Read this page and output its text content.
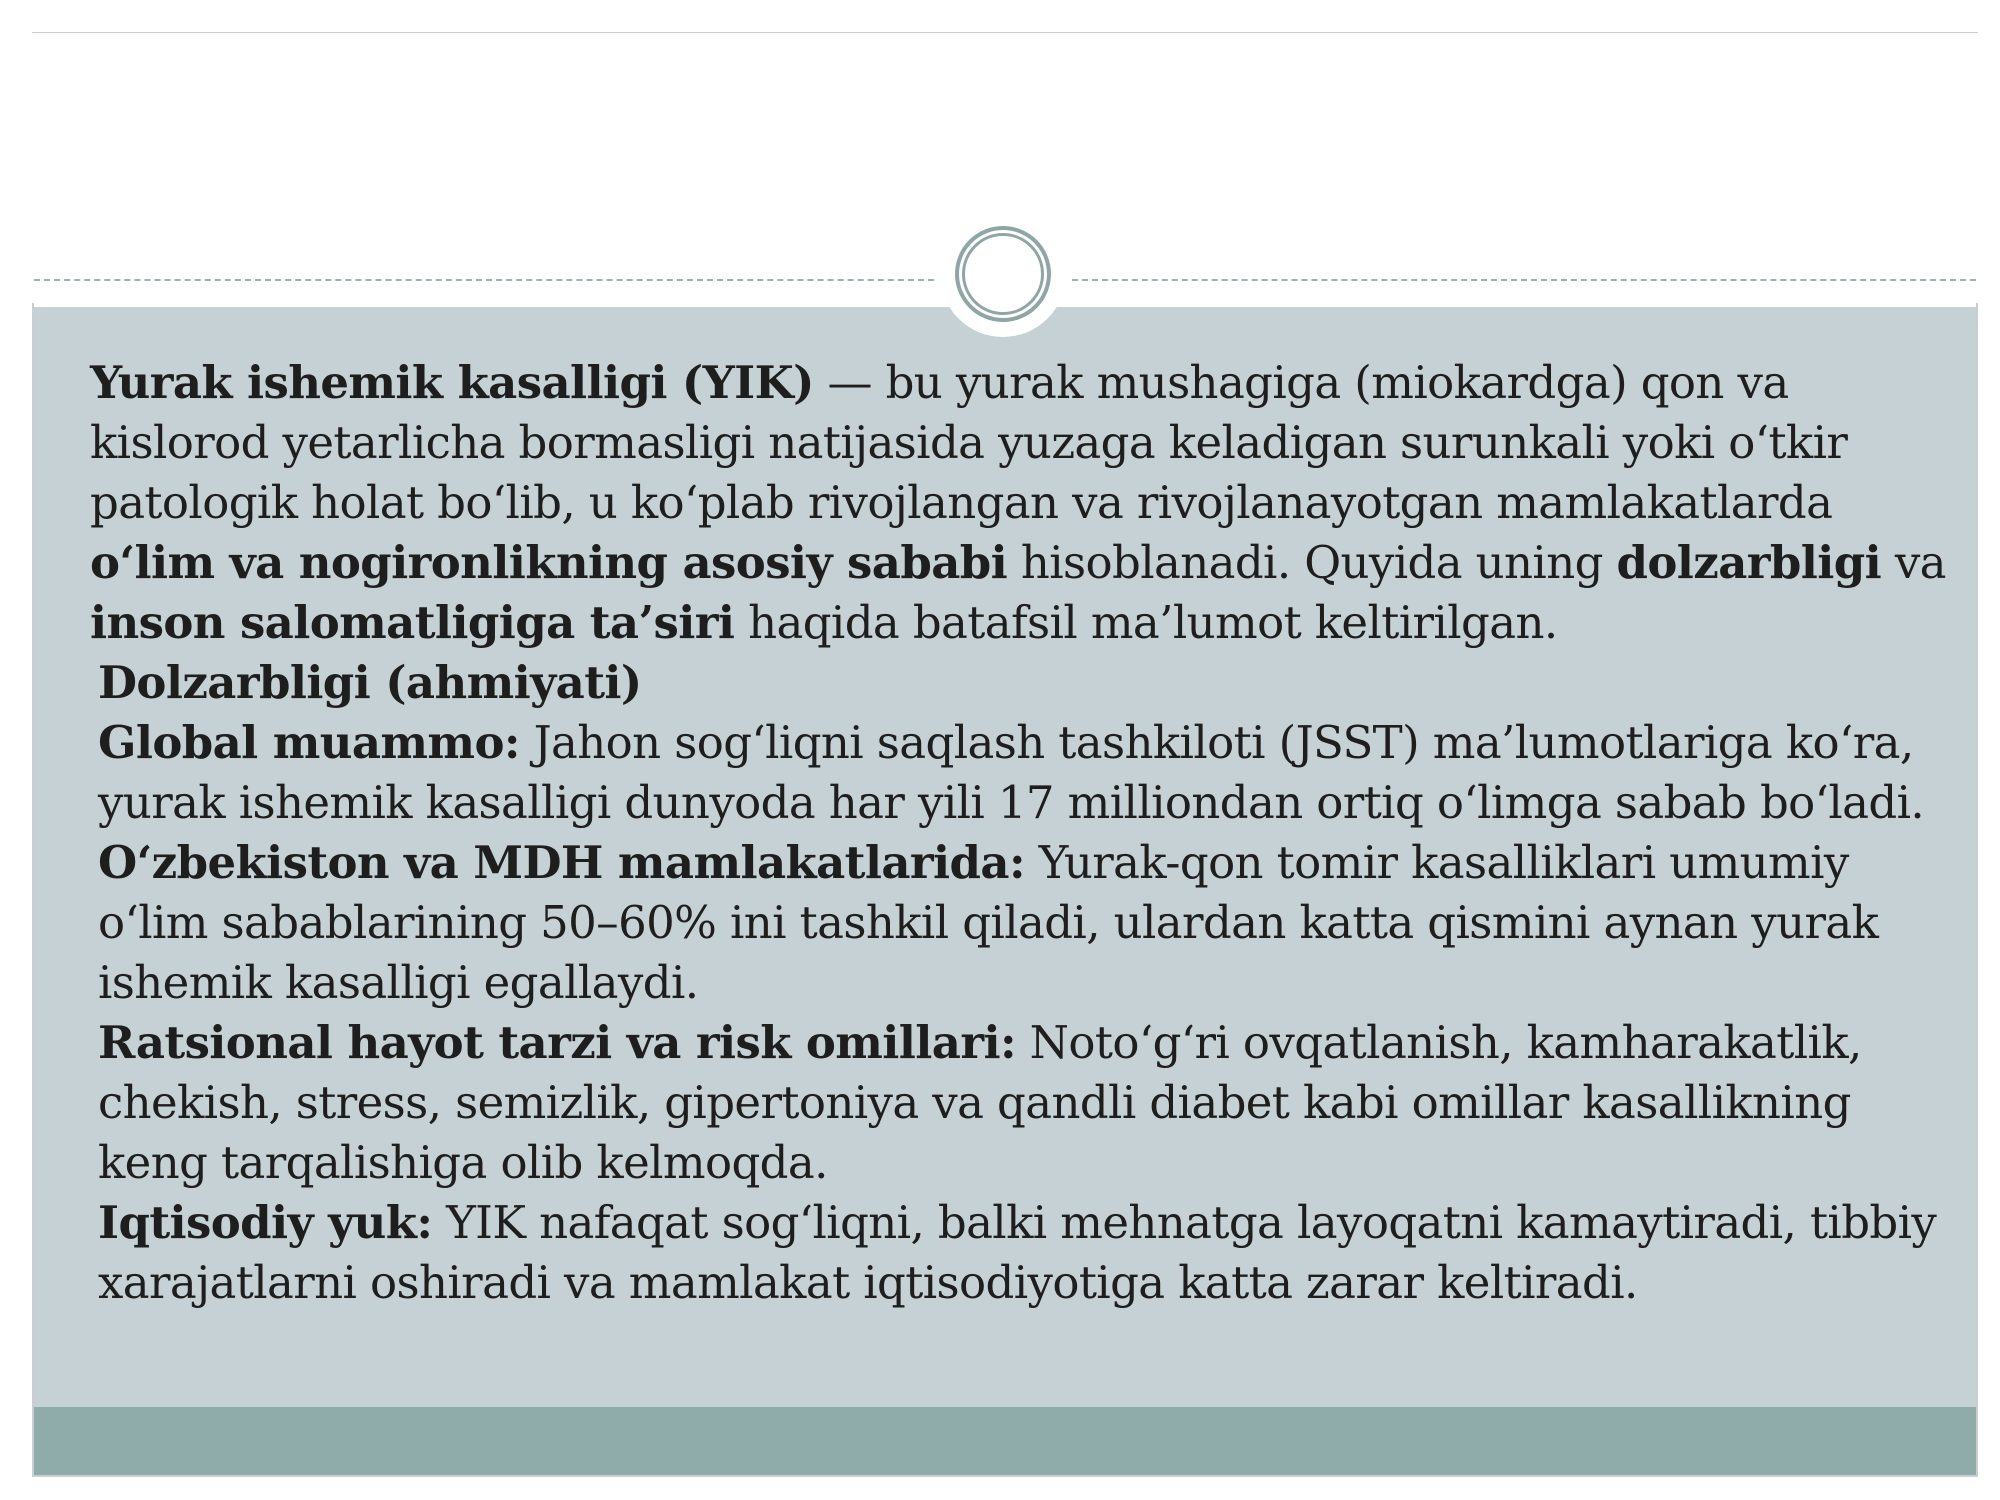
Yurak ishemik kasalligi (YIK) — bu yurak mushagiga (miokardga) qon va kislorod yetarlicha bormasligi natijasida yuzaga keladigan surunkali yoki o‘tkir patologik holat bo‘lib, u ko‘plab rivojlangan va rivojlanayotgan mamlakatlarda o‘lim va nogironlikning asosiy sababi hisoblanadi. Quyida uning dolzarbligi va inson salomatligiga ta’siri haqida batafsil ma’lumot keltirilgan.

Dolzarbligi (ahmiyati)

Global muammo: Jahon sog‘liqni saqlash tashkiloti (JSST) ma’lumotlariga ko‘ra, yurak ishemik kasalligi dunyoda har yili 17 milliondan ortiq o‘limga sabab bo‘ladi.

O‘zbekiston va MDH mamlakatlarida: Yurak-qon tomir kasalliklari umumiy o‘lim sabablarining 50–60% ini tashkil qiladi, ulardan katta qismini aynan yurak ishemik kasalligi egallaydi.

Ratsional hayot tarzi va risk omillari: Noto‘g‘ri ovqatlanish, kamharakatlik, chekish, stress, semizlik, gipertoniya va qandli diabet kabi omillar kasallikning keng tarqalishiga olib kelmoqda.

Iqtisodiy yuk: YIK nafaqat sog‘liqni, balki mehnatga layoqatni kamaytiradi, tibbiy xarajatlarni oshiradi va mamlakat iqtisodiyotiga katta zarar keltiradi.
